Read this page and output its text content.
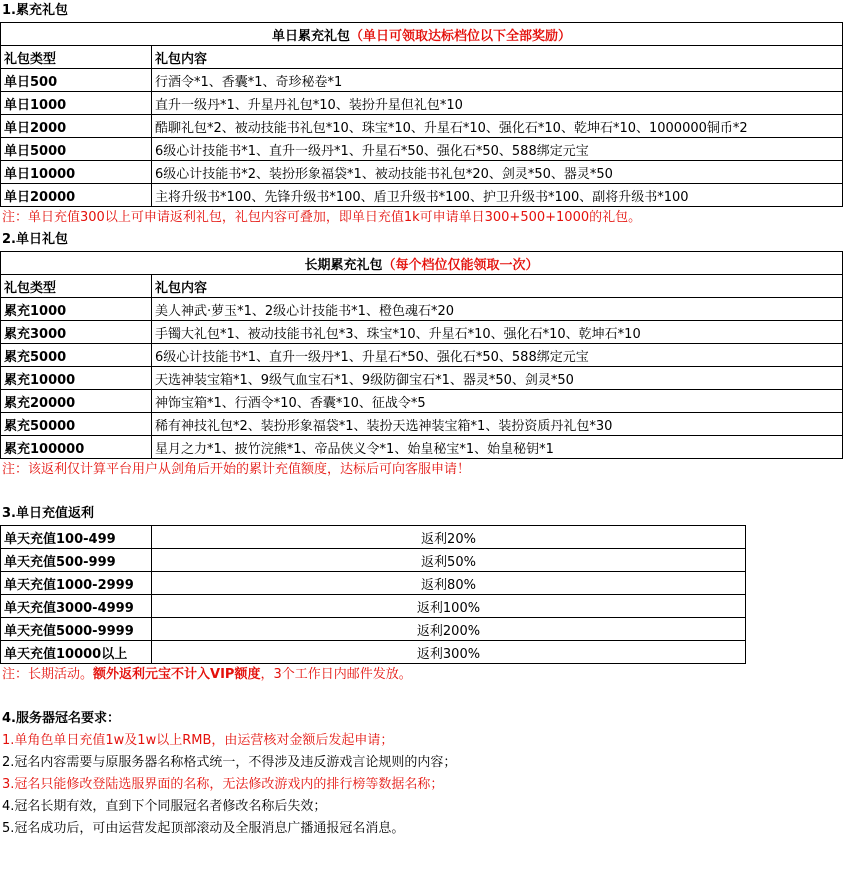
1.累充礼包
单日累充礼包（单日可领取达标档位以下全部奖励）	
礼包类型	礼包内容
单日500	行酒令*1、香囊*1、奇珍秘卷*1
单日1000	直升一级丹*1、升星丹礼包*10、装扮升星但礼包*10
单日2000	酷聊礼包*2、被动技能书礼包*10、珠宝*10、升星石*10、强化石*10、乾坤石*10、1000000铜币*2
单日5000	6级心计技能书*1、直升一级丹*1、升星石*50、强化石*50、588绑定元宝
单日10000	6级心计技能书*2、装扮形象福袋*1、被动技能书礼包*20、剑灵*50、器灵*50
单日20000	主将升级书*100、先锋升级书*100、盾卫升级书*100、护卫升级书*100、副将升级书*100
注：单日充值300以上可申请返利礼包，礼包内容可叠加，即单日充值1k可申请单日300+500+1000的礼包。
2.单日礼包
长期累充礼包（每个档位仅能领取一次）	
礼包类型	礼包内容
累充1000	美人神武·萝玉*1、2级心计技能书*1、橙色魂石*20
累充3000	手镯大礼包*1、被动技能书礼包*3、珠宝*10、升星石*10、强化石*10、乾坤石*10
累充5000	6级心计技能书*1、直升一级丹*1、升星石*50、强化石*50、588绑定元宝
累充10000	天选神装宝箱*1、9级气血宝石*1、9级防御宝石*1、器灵*50、剑灵*50
累充20000	神饰宝箱*1、行酒令*10、香囊*10、征战令*5
累充50000	稀有神技礼包*2、装扮形象福袋*1、装扮天选神装宝箱*1、装扮资质丹礼包*30
累充100000	星月之力*1、披竹浣熊*1、帝品侠义令*1、始皇秘宝*1、始皇秘钥*1
注：该返利仅计算平台用户从剑角后开始的累计充值额度，达标后可向客服申请！
3.单日充值返利
单天充值100-499	返利20%
单天充值500-999	返利50%
单天充值1000-2999	返利80%
单天充值3000-4999	返利100%
单天充值5000-9999	返利200%
单天充值10000以上	返利300%
注：长期活动。额外返利元宝不计入VIP额度，3个工作日内邮件发放。
4.服务器冠名要求：
1.单角色单日充值1w及1w以上RMB，由运营核对金额后发起申请；
2.冠名内容需要与原服务器名称格式统一，不得涉及违反游戏言论规则的内容；
3.冠名只能修改登陆选服界面的名称，无法修改游戏内的排行榜等数据名称；
4.冠名长期有效，直到下个同服冠名者修改名称后失效；
5.冠名成功后，可由运营发起顶部滚动及全服消息广播通报冠名消息。
